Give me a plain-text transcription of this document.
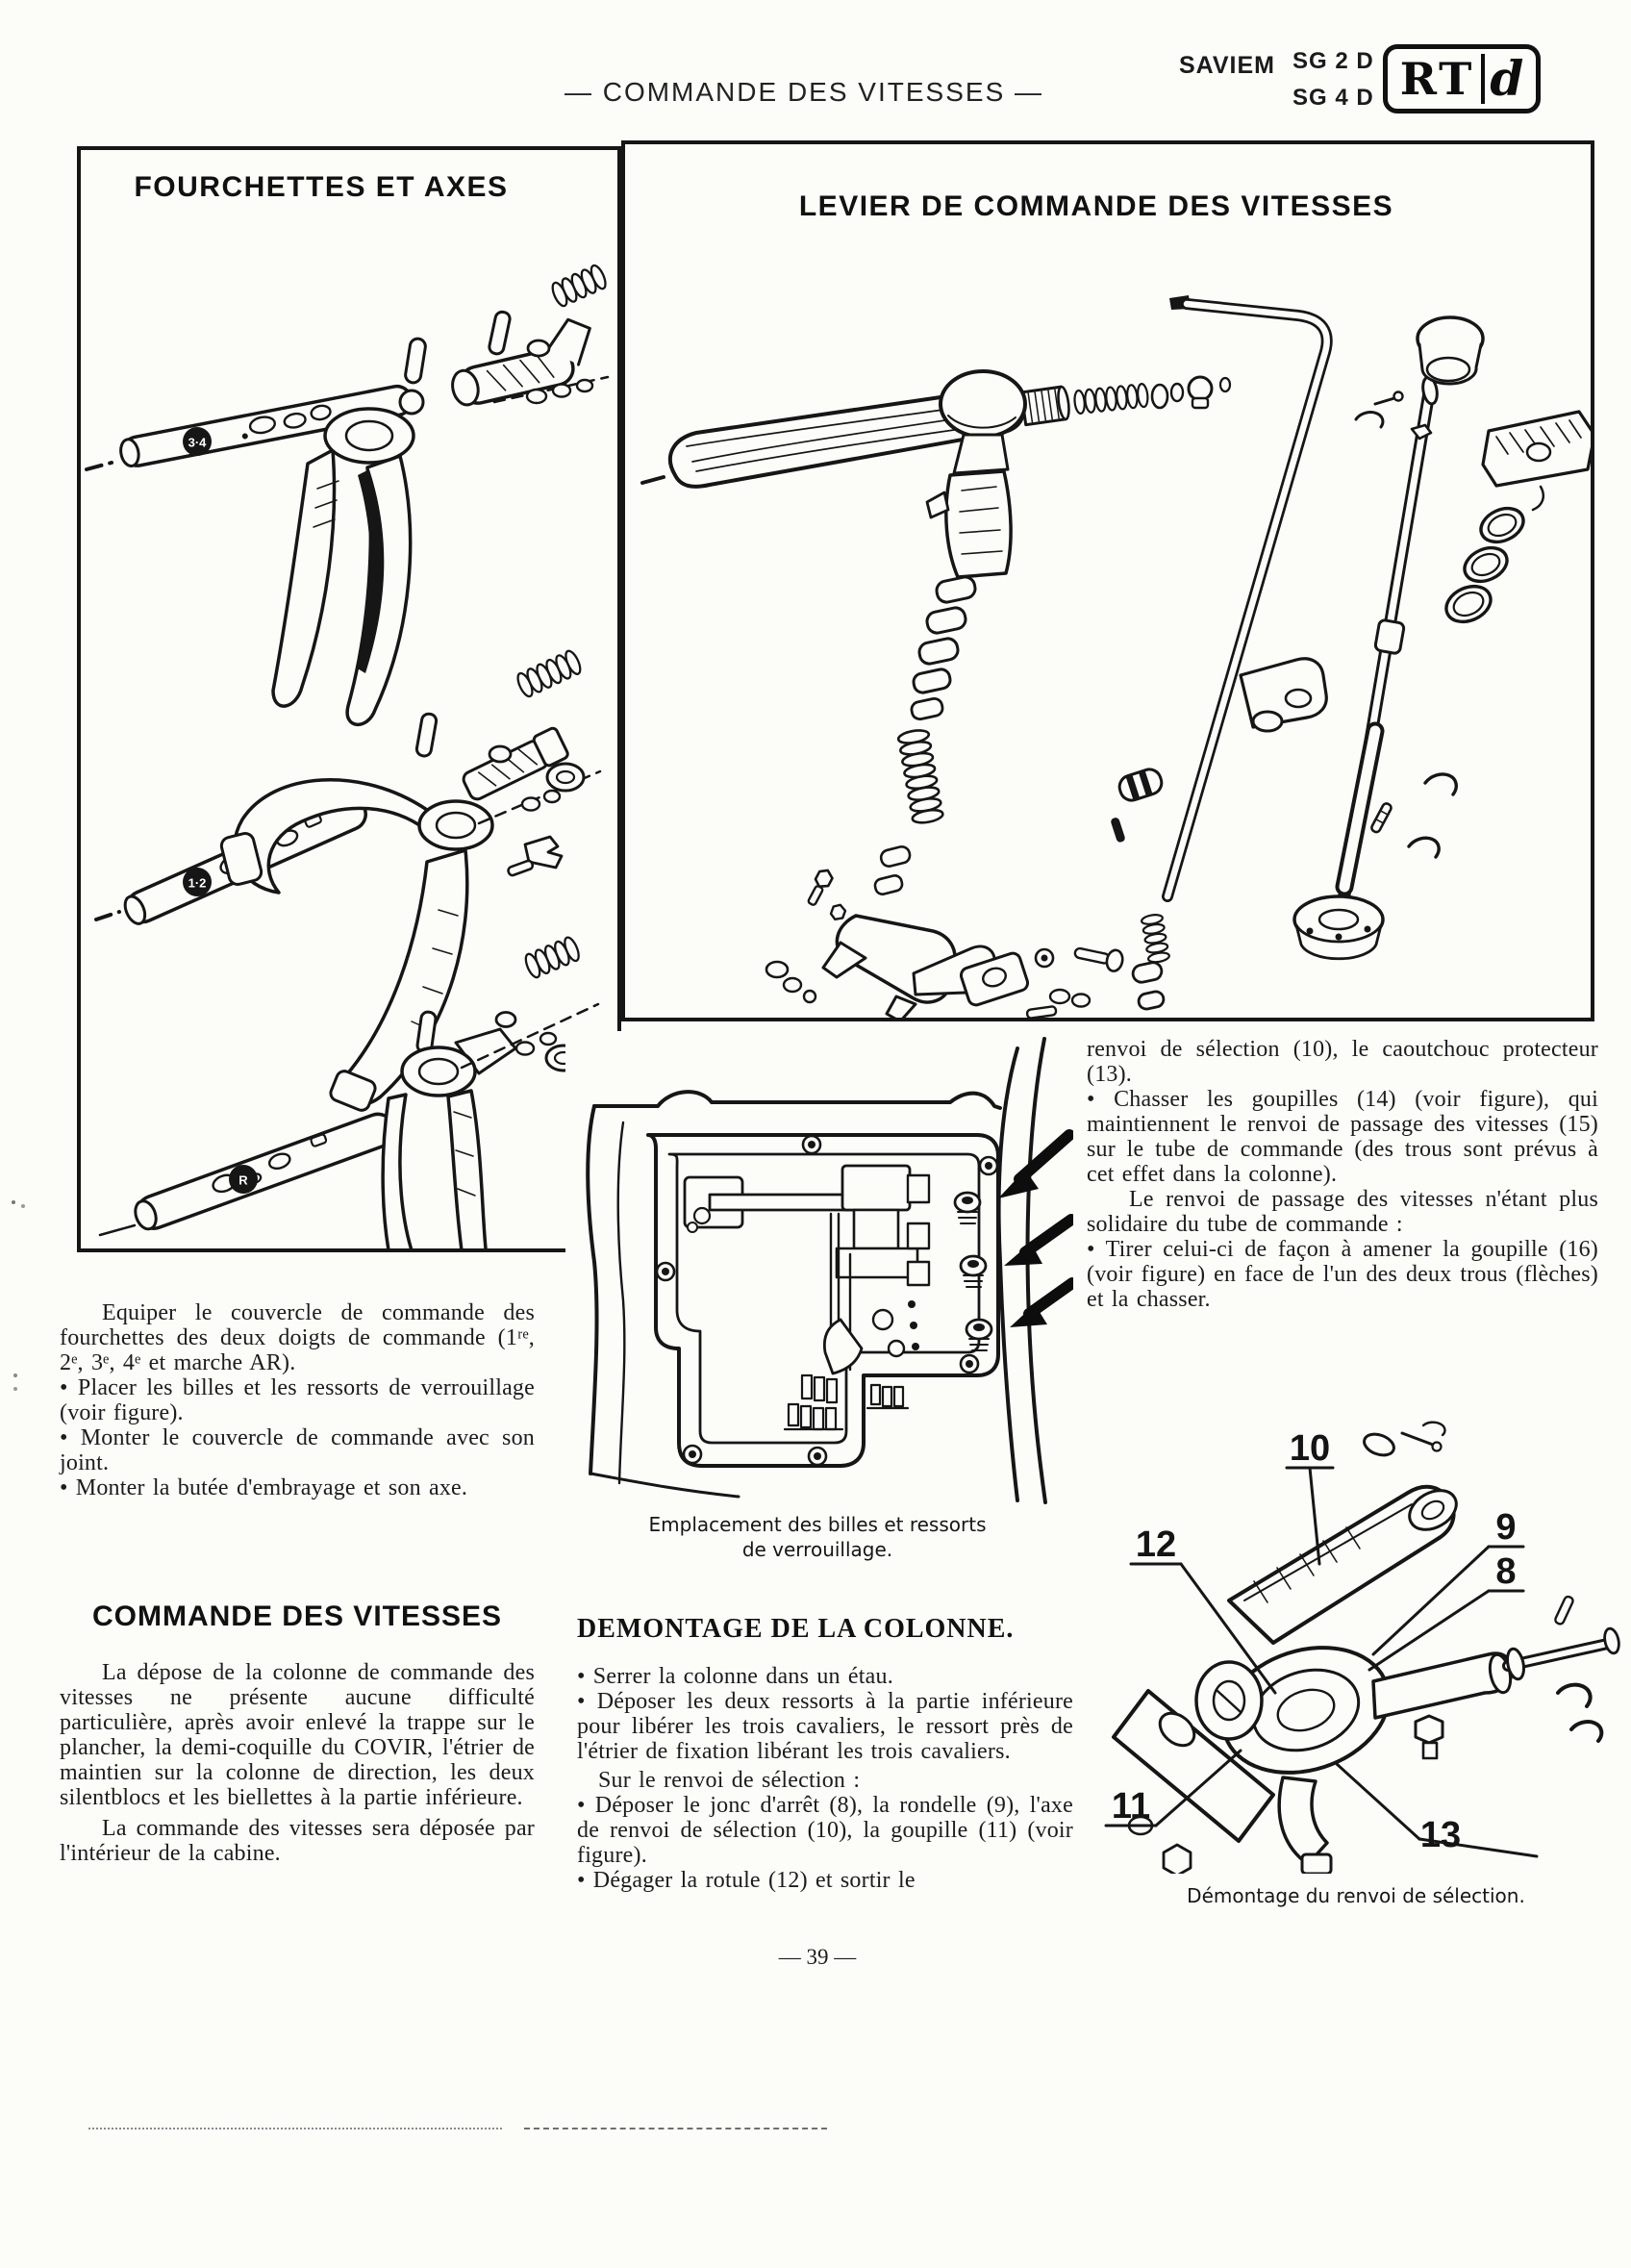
— COMMANDE DES VITESSES —
SAVIEM SG 2 D
SG 4 D RT d
FOURCHETTES ET AXES
3·4
1·2
R
LEVIER DE COMMANDE DES VITESSES
Emplacement des billes et ressorts
de verrouillage.
Equiper le couvercle de commande des fourchettes des deux doigts de commande (1ʳᵉ, 2ᵉ, 3ᵉ, 4ᵉ et marche AR).
• Placer les billes et les ressorts de verrouillage (voir figure).
• Monter le couvercle de commande avec son joint.
• Monter la butée d'embrayage et son axe.
COMMANDE DES VITESSES
La dépose de la colonne de commande des vitesses ne présente aucune difficulté particulière, après avoir enlevé la trappe sur le plancher, la demi-coquille du COVIR, l'étrier de maintien sur la colonne de direction, les deux silentblocs et les biellettes à la partie inférieure.
La commande des vitesses sera déposée par l'intérieur de la cabine.
DEMONTAGE DE LA COLONNE.
• Serrer la colonne dans un étau.
• Déposer les deux ressorts à la partie inférieure pour libérer les trois cavaliers, le ressort près de l'étrier de fixation libérant les trois cavaliers.
Sur le renvoi de sélection :
• Déposer le jonc d'arrêt (8), la rondelle (9), l'axe de renvoi de sélection (10), la goupille (11) (voir figure).
• Dégager la rotule (12) et sortir le
renvoi de sélection (10), le caoutchouc protecteur (13).
• Chasser les goupilles (14) (voir figure), qui maintiennent le renvoi de passage des vitesses (15) sur le tube de commande (des trous sont prévus à cet effet dans la colonne).
Le renvoi de passage des vitesses n'étant plus solidaire du tube de commande :
• Tirer celui-ci de façon à amener la goupille (16) (voir figure) en face de l'un des deux trous (flèches) et la chasser.
10
9
8
12
11
13
Démontage du renvoi de sélection.
— 39 —
